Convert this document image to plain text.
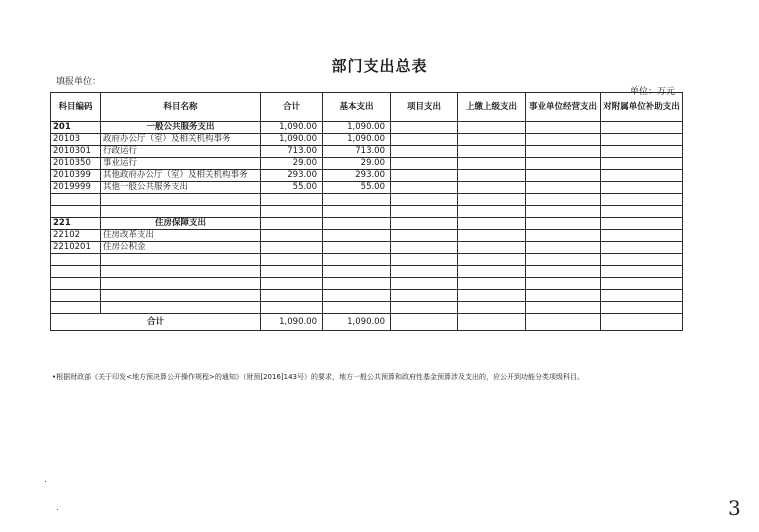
部门支出总表
填报单位：
单位：万元
科目编码	科目名称	合计	基本支出	项目支出	上缴上级支出	事业单位经营支出	对附属单位补助支出
201	一般公共服务支出	1,090.00	1,090.00				
20103	政府办公厅（室）及相关机构事务	1,090.00	1,090.00				
2010301	行政运行	713.00	713.00				
2010350	事业运行	29.00	29.00				
2010399	其他政府办公厅（室）及相关机构事务	293.00	293.00				
2019999	其他一般公共服务支出	55.00	55.00				

221	住房保障支出						
22102	住房改革支出						
2210201	住房公积金						

合计		1,090.00	1,090.00				
•根据财政部《关于印发<地方预决算公开操作规程>的通知》（财预[2016]143号）的要求，地方一般公共预算和政府性基金预算涉及支出的，应公开到功能分类项级科目。
.
.	3
